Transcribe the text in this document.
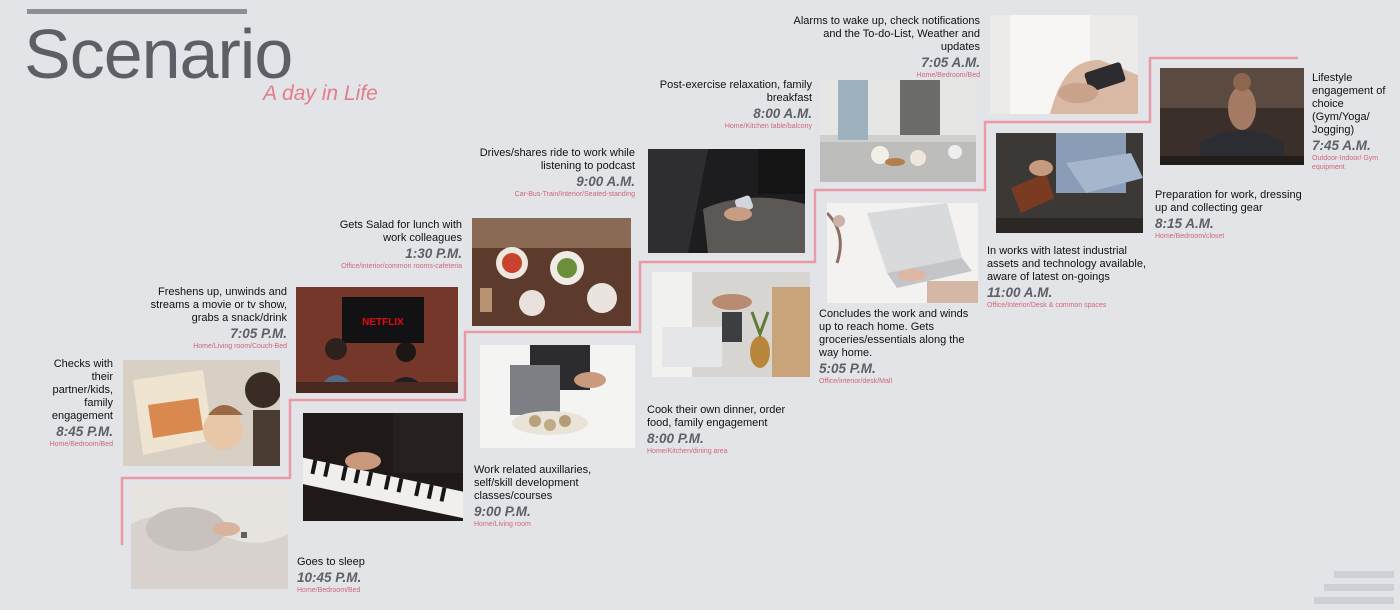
Scenario
A day in Life
NETFLIX
Alarms to wake up, check notifications and the To-do-List, Weather and updates
7:05 A.M.
Home/Bedroom/Bed	Lifestyle engagement of choice (Gym/Yoga/ Jogging)
7:45 A.M.
Outdoor-Indoor/ Gym equipment
Post-exercise relaxation, family breakfast
8:00 A.M.
Home/Kitchen table/balcony
Preparation for work, dressing up and collecting gear
8:15 A.M.
Home/Bedroom/closet
Drives/shares ride to work while listening to podcast
9:00 A.M.
Car-Bus-Train/Interior/Seated-standing
In works with latest industrial assets and technology available, aware of latest on-goings
11:00 A.M.
Office/Interior/Desk & common spaces
Gets Salad for lunch with work colleagues
1:30 P.M.
Office/interior/common rooms-cafeteria
Concludes the work and winds up to reach home. Gets groceries/essentials along the way home.
5:05 P.M.
Office/interior/desk/Mall
Freshens up, unwinds and streams a movie or tv show, grabs a snack/drink
7:05 P.M.
Home/Living room/Couch-Bed
Cook their own dinner, order food, family engagement
8:00 P.M.
Home/Kitchen/dining area
Checks with their partner/kids, family engagement
8:45 P.M.
Home/Bedroom/Bed
Work related auxillaries, self/skill development classes/courses
9:00 P.M.
Home/Living room
Goes to sleep
10:45 P.M.
Home/Bedroom/Bed
